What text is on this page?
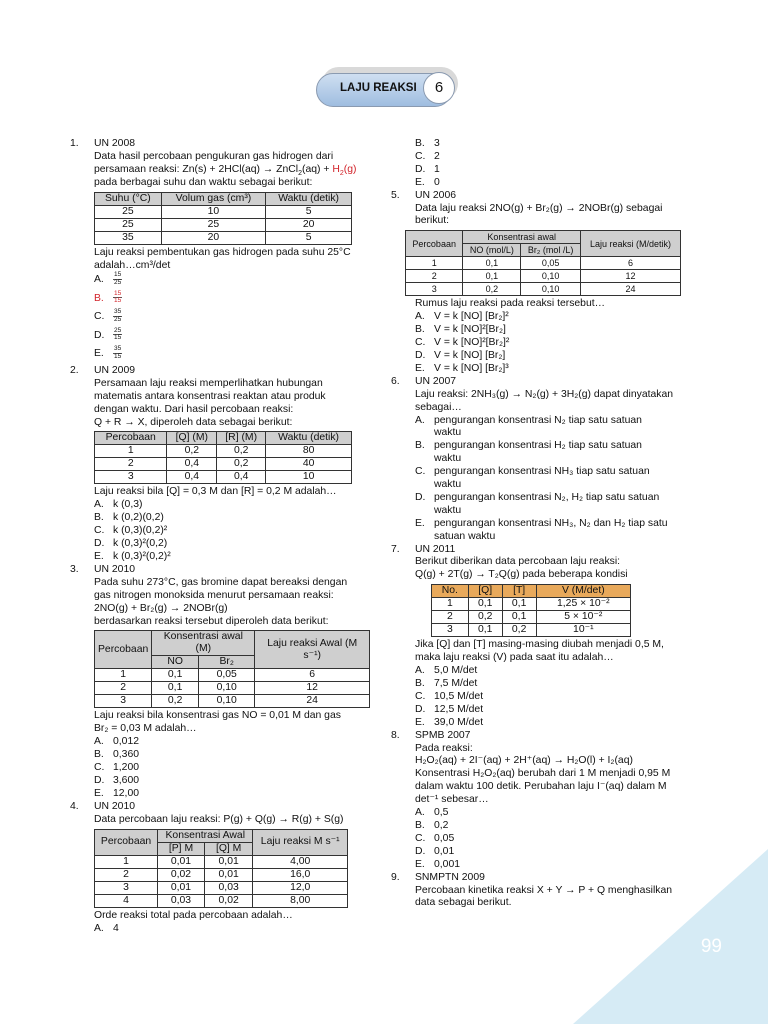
99
LAJU REAKSI	6
1. UN 2008
Data hasil percobaan pengukuran gas hidrogen dari
persamaan reaksi: Zn(s) + 2HCl(aq) → ZnCl$_2$(aq) + $H_2(g)$
pada berbagai suhu dan waktu sebagai berikut:
Suhu (°C)	Volum gas (cm³)	Waktu (detik)
25	10	5
25	25	20
35	20	5
Laju reaksi pembentukan gas hidrogen pada suhu 25°C
adalah…cm³/det
A. 15
25
B. 15
15
C. 35
25
D. 25
15
E. 35
15
2. UN 2009
Persamaan laju reaksi memperlihatkan hubungan
matematis antara konsentrasi reaktan atau produk
dengan waktu. Dari hasil percobaan reaksi:
Q + R → X, diperoleh data sebagai berikut:
Percobaan	[Q] (M)	[R] (M)	Waktu (detik)
1	0,2	0,2	80
2	0,4	0,2	40
3	0,4	0,4	10
Laju reaksi bila [Q] = 0,3 M dan [R] = 0,2 M adalah…
A. k (0,3)
B. k (0,2)(0,2)
C. k (0,3)(0,2)²
D. k (0,3)²(0,2)
E. k (0,3)²(0,2)²
3. UN 2010
Pada suhu 273°C, gas bromine dapat bereaksi dengan
gas nitrogen monoksida menurut persamaan reaksi:
2NO(g) + Br₂(g) → 2NOBr(g)
berdasarkan reaksi tersebut diperoleh data berikut:
Percobaan	Konsentrasi awal (M)		Laju reaksi Awal (M s⁻¹)
	NO	Br₂	
1	0,1	0,05	6
2	0,1	0,10	12
3	0,2	0,10	24
Laju reaksi bila konsentrasi gas NO = 0,01 M dan gas
Br₂ = 0,03 M adalah…
A. 0,012
B. 0,360
C. 1,200
D. 3,600
E. 12,00
4. UN 2010
Data percobaan laju reaksi: P(g) + Q(g) → R(g) + S(g)
Percobaan	Konsentrasi Awal		Laju reaksi M s⁻¹
	[P] M	[Q] M	
1	0,01	0,01	4,00
2	0,02	0,01	16,0
3	0,01	0,03	12,0
4	0,03	0,02	8,00
Orde reaksi total pada percobaan adalah…
A. 4
B. 3
C. 2
D. 1
E. 0
5. UN 2006
Data laju reaksi 2NO(g) + Br₂(g) → 2NOBr(g) sebagai
berikut:
Percobaan	Konsentrasi awal		Laju reaksi (M/detik)
	NO (mol/L)	Br₂ (mol /L)	
1	0,1	0,05	6
2	0,1	0,10	12
3	0,2	0,10	24
Rumus laju reaksi pada reaksi tersebut…
A. V = k [NO] [Br₂]²
B. V = k [NO]²[Br₂]
C. V = k [NO]²[Br₂]²
D. V = k [NO] [Br₂]
E. V = k [NO] [Br₂]³
6. UN 2007
Laju reaksi: 2NH₃(g) → N₂(g) + 3H₂(g) dapat dinyatakan
sebagai…
A. pengurangan konsentrasi N₂ tiap satu satuan
waktu
B. pengurangan konsentrasi H₂ tiap satu satuan
waktu
C. pengurangan konsentrasi NH₃ tiap satu satuan
waktu
D. pengurangan konsentrasi N₂, H₂ tiap satu satuan
waktu
E. pengurangan konsentrasi NH₃, N₂ dan H₂ tiap satu
satuan waktu
7. UN 2011
Berikut diberikan data percobaan laju reaksi:
Q(g) + 2T(g) → T₂Q(g) pada beberapa kondisi
No.	[Q]	[T]	V (M/det)
1	0,1	0,1	1,25 × 10⁻²
2	0,2	0,1	5 × 10⁻²
3	0,1	0,2	10⁻¹
Jika [Q] dan [T] masing-masing diubah menjadi 0,5 M,
maka laju reaksi (V) pada saat itu adalah…
A. 5,0 M/det
B. 7,5 M/det
C. 10,5 M/det
D. 12,5 M/det
E. 39,0 M/det
8. SPMB 2007
Pada reaksi:
H₂O₂(aq) + 2I⁻(aq) + 2H⁺(aq) → H₂O(l) + I₂(aq)
Konsentrasi H₂O₂(aq) berubah dari 1 M menjadi 0,95 M
dalam waktu 100 detik. Perubahan laju I⁻(aq) dalam M
det⁻¹ sebesar…
A. 0,5
B. 0,2
C. 0,05
D. 0,01
E. 0,001
9. SNMPTN 2009
Percobaan kinetika reaksi X + Y → P + Q menghasilkan
data sebagai berikut.
